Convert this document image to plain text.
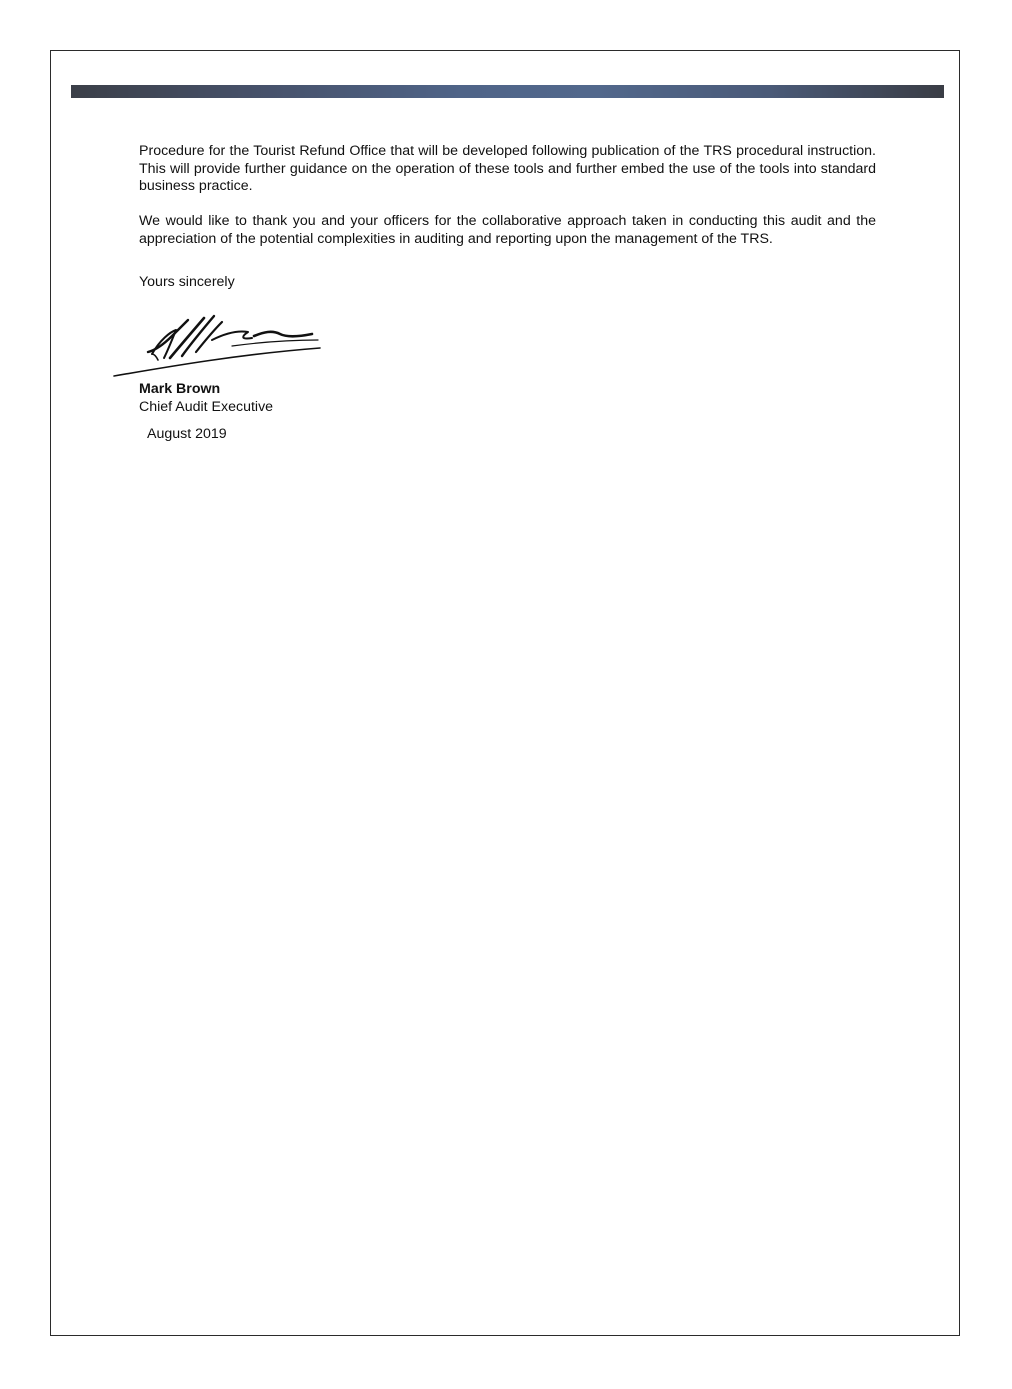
Procedure for the Tourist Refund Office that will be developed following publication of the TRS procedural instruction. This will provide further guidance on the operation of these tools and further embed the use of the tools into standard business practice.

We would like to thank you and your officers for the collaborative approach taken in conducting this audit and the appreciation of the potential complexities in auditing and reporting upon the management of the TRS.

Yours sincerely

Mark Brown

Chief Audit Executive

August 2019
